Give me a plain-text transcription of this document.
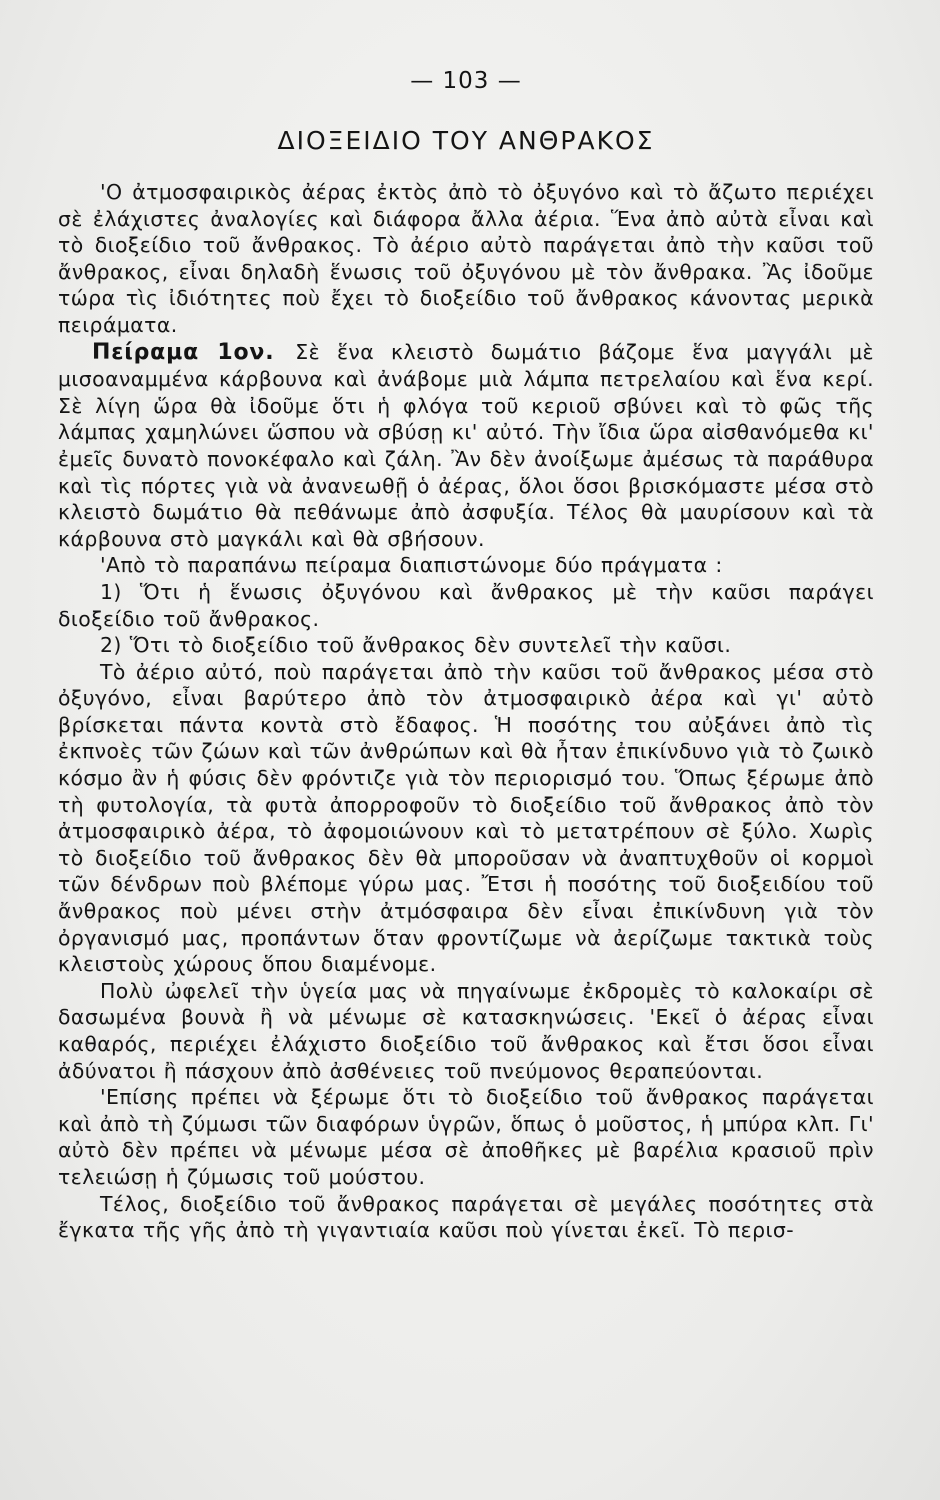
— 103 —
ΔΙΟΞΕΙΔΙΟ ΤΟΥ ΑΝΘΡΑΚΟΣ

'Ο ἀτμοσφαιρικὸς ἀέρας ἐκτὸς ἀπὸ τὸ ὀξυγόνο καὶ τὸ ἄζωτο περιέχει σὲ ἐλάχιστες ἀναλογίες καὶ διάφορα ἄλλα ἀέρια. Ἕνα ἀπὸ αὐτὰ εἶναι καὶ τὸ διοξείδιο τοῦ ἄνθρακος. Τὸ ἀέριο αὐτὸ παράγεται ἀπὸ τὴν καῦσι τοῦ ἄνθρακος, εἶναι δηλαδὴ ἕνωσις τοῦ ὀξυγόνου μὲ τὸν ἄνθρακα. Ἂς ἰδοῦμε τώρα τὶς ἰδιότητες ποὺ ἔχει τὸ διοξείδιο τοῦ ἄνθρακος κάνοντας μερικὰ πειράματα.

Πείραμα 1ον. Σὲ ἕνα κλειστὸ δωμάτιο βάζομε ἕνα μαγγάλι μὲ μισοαναμμένα κάρβουνα καὶ ἀνάβομε μιὰ λάμπα πετρελαίου καὶ ἕνα κερί. Σὲ λίγη ὥρα θὰ ἰδοῦμε ὅτι ἡ φλόγα τοῦ κεριοῦ σβύνει καὶ τὸ φῶς τῆς λάμπας χαμηλώνει ὥσπου νὰ σβύσῃ κι' αὐτό. Τὴν ἴδια ὥρα αἰσθανόμεθα κι' ἐμεῖς δυνατὸ πονοκέφαλο καὶ ζάλη. Ἂν δὲν ἀνοίξωμε ἀμέσως τὰ παράθυρα καὶ τὶς πόρτες γιὰ νὰ ἀνανεωθῇ ὁ ἀέρας, ὅλοι ὅσοι βρισκόμαστε μέσα στὸ κλειστὸ δωμάτιο θὰ πεθάνωμε ἀπὸ ἀσφυξία. Τέλος θὰ μαυρίσουν καὶ τὰ κάρβουνα στὸ μαγκάλι καὶ θὰ σβήσουν.

'Απὸ τὸ παραπάνω πείραμα διαπιστώνομε δύο πράγματα :

1) Ὅτι ἡ ἕνωσις ὀξυγόνου καὶ ἄνθρακος μὲ τὴν καῦσι παράγει διοξείδιο τοῦ ἄνθρακος.

2) Ὅτι τὸ διοξείδιο τοῦ ἄνθρακος δὲν συντελεῖ τὴν καῦσι.

Τὸ ἀέριο αὐτό, ποὺ παράγεται ἀπὸ τὴν καῦσι τοῦ ἄνθρακος μέσα στὸ ὀξυγόνο, εἶναι βαρύτερο ἀπὸ τὸν ἀτμοσφαιρικὸ ἀέρα καὶ γι' αὐτὸ βρίσκεται πάντα κοντὰ στὸ ἔδαφος. Ἡ ποσότης του αὐξάνει ἀπὸ τὶς ἐκπνοὲς τῶν ζώων καὶ τῶν ἀνθρώπων καὶ θὰ ἦταν ἐπικίνδυνο γιὰ τὸ ζωικὸ κόσμο ἂν ἡ φύσις δὲν φρόντιζε γιὰ τὸν περιορισμό του. Ὅπως ξέρωμε ἀπὸ τὴ φυτολογία, τὰ φυτὰ ἀπορροφοῦν τὸ διοξείδιο τοῦ ἄνθρακος ἀπὸ τὸν ἀτμοσφαιρικὸ ἀέρα, τὸ ἀφομοιώνουν καὶ τὸ μετατρέπουν σὲ ξύλο. Χωρὶς τὸ διοξείδιο τοῦ ἄνθρακος δὲν θὰ μποροῦσαν νὰ ἀναπτυχθοῦν οἱ κορμοὶ τῶν δένδρων ποὺ βλέπομε γύρω μας. Ἔτσι ἡ ποσότης τοῦ διοξειδίου τοῦ ἄνθρακος ποὺ μένει στὴν ἀτμόσφαιρα δὲν εἶναι ἐπικίνδυνη γιὰ τὸν ὀργανισμό μας, προπάντων ὅταν φροντίζωμε νὰ ἀερίζωμε τακτικὰ τοὺς κλειστοὺς χώρους ὅπου διαμένομε.

Πολὺ ὠφελεῖ τὴν ὑγεία μας νὰ πηγαίνωμε ἐκδρομὲς τὸ καλοκαίρι σὲ δασωμένα βουνὰ ἢ νὰ μένωμε σὲ κατασκηνώσεις. 'Εκεῖ ὁ ἀέρας εἶναι καθαρός, περιέχει ἐλάχιστο διοξείδιο τοῦ ἄνθρακος καὶ ἔτσι ὅσοι εἶναι ἀδύνατοι ἢ πάσχουν ἀπὸ ἀσθένειες τοῦ πνεύμονος θεραπεύονται.

'Επίσης πρέπει νὰ ξέρωμε ὅτι τὸ διοξείδιο τοῦ ἄνθρακος παράγεται καὶ ἀπὸ τὴ ζύμωσι τῶν διαφόρων ὑγρῶν, ὅπως ὁ μοῦστος, ἡ μπύρα κλπ. Γι' αὐτὸ δὲν πρέπει νὰ μένωμε μέσα σὲ ἀποθῆκες μὲ βαρέλια κρασιοῦ πρὶν τελειώσῃ ἡ ζύμωσις τοῦ μούστου.

Τέλος, διοξείδιο τοῦ ἄνθρακος παράγεται σὲ μεγάλες ποσότητες στὰ ἔγκατα τῆς γῆς ἀπὸ τὴ γιγαντιαία καῦσι ποὺ γίνεται ἐκεῖ. Τὸ περισ-
